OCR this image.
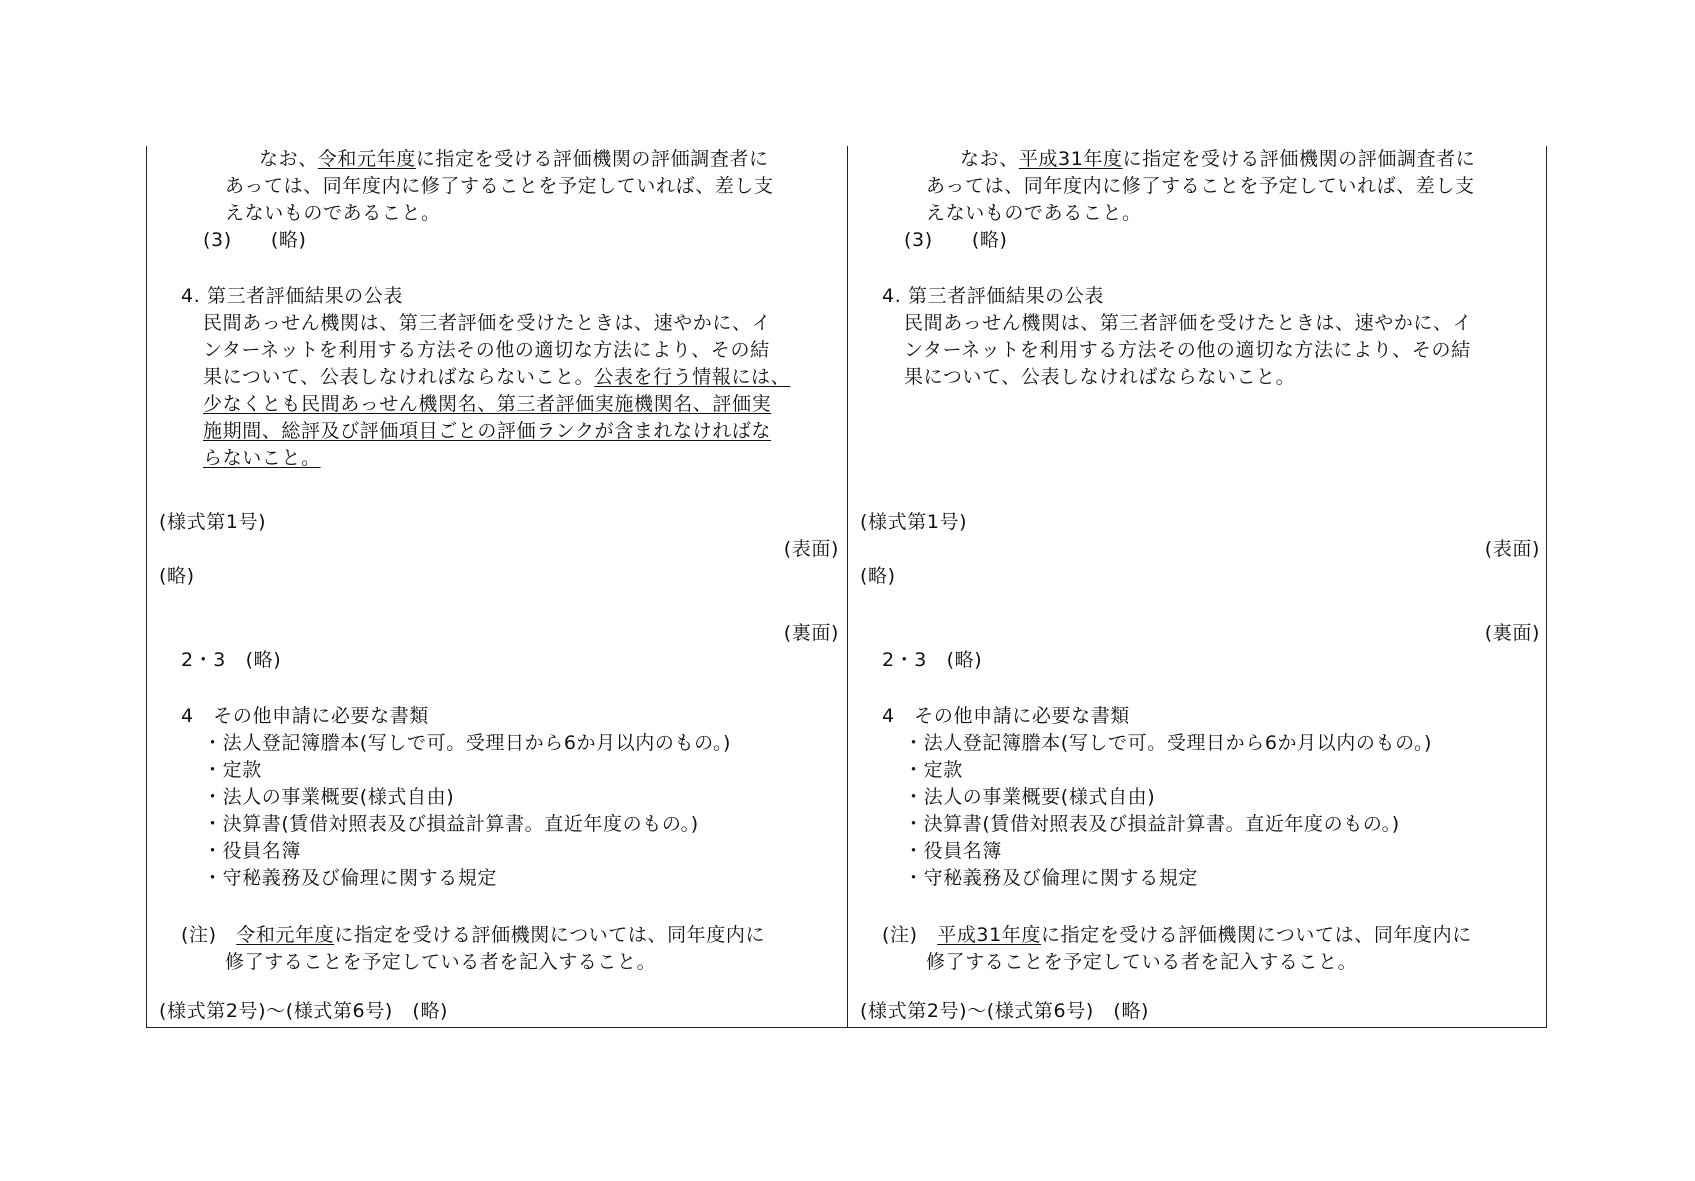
なお、令和元年度に指定を受ける評価機関の評価調査者に
あっては、同年度内に修了することを予定していれば、差し支
えないものであること。
(3)　　(略)
4. 第三者評価結果の公表
民間あっせん機関は、第三者評価を受けたときは、速やかに、イ
ンターネットを利用する方法その他の適切な方法により、その結
果について、公表しなければならないこと。公表を行う情報には、
少なくとも民間あっせん機関名、第三者評価実施機関名、評価実
施期間、総評及び評価項目ごとの評価ランクが含まれなければな
らないこと。
(様式第1号)
(表面)
(略)
(裏面)
2・3　(略)
4　その他申請に必要な書類
・法人登記簿謄本(写しで可。受理日から6か月以内のもの。)
・定款
・法人の事業概要(様式自由)
・決算書(賃借対照表及び損益計算書。直近年度のもの。)
・役員名簿
・守秘義務及び倫理に関する規定
(注)　令和元年度に指定を受ける評価機関については、同年度内に
修了することを予定している者を記入すること。
(様式第2号)〜(様式第6号)　(略)
なお、平成31年度に指定を受ける評価機関の評価調査者に
あっては、同年度内に修了することを予定していれば、差し支
えないものであること。
(3)　　(略)
4. 第三者評価結果の公表
民間あっせん機関は、第三者評価を受けたときは、速やかに、イ
ンターネットを利用する方法その他の適切な方法により、その結
果について、公表しなければならないこと。
(様式第1号)
(表面)
(略)
(裏面)
2・3　(略)
4　その他申請に必要な書類
・法人登記簿謄本(写しで可。受理日から6か月以内のもの。)
・定款
・法人の事業概要(様式自由)
・決算書(賃借対照表及び損益計算書。直近年度のもの。)
・役員名簿
・守秘義務及び倫理に関する規定
(注)　平成31年度に指定を受ける評価機関については、同年度内に
修了することを予定している者を記入すること。
(様式第2号)〜(様式第6号)　(略)
